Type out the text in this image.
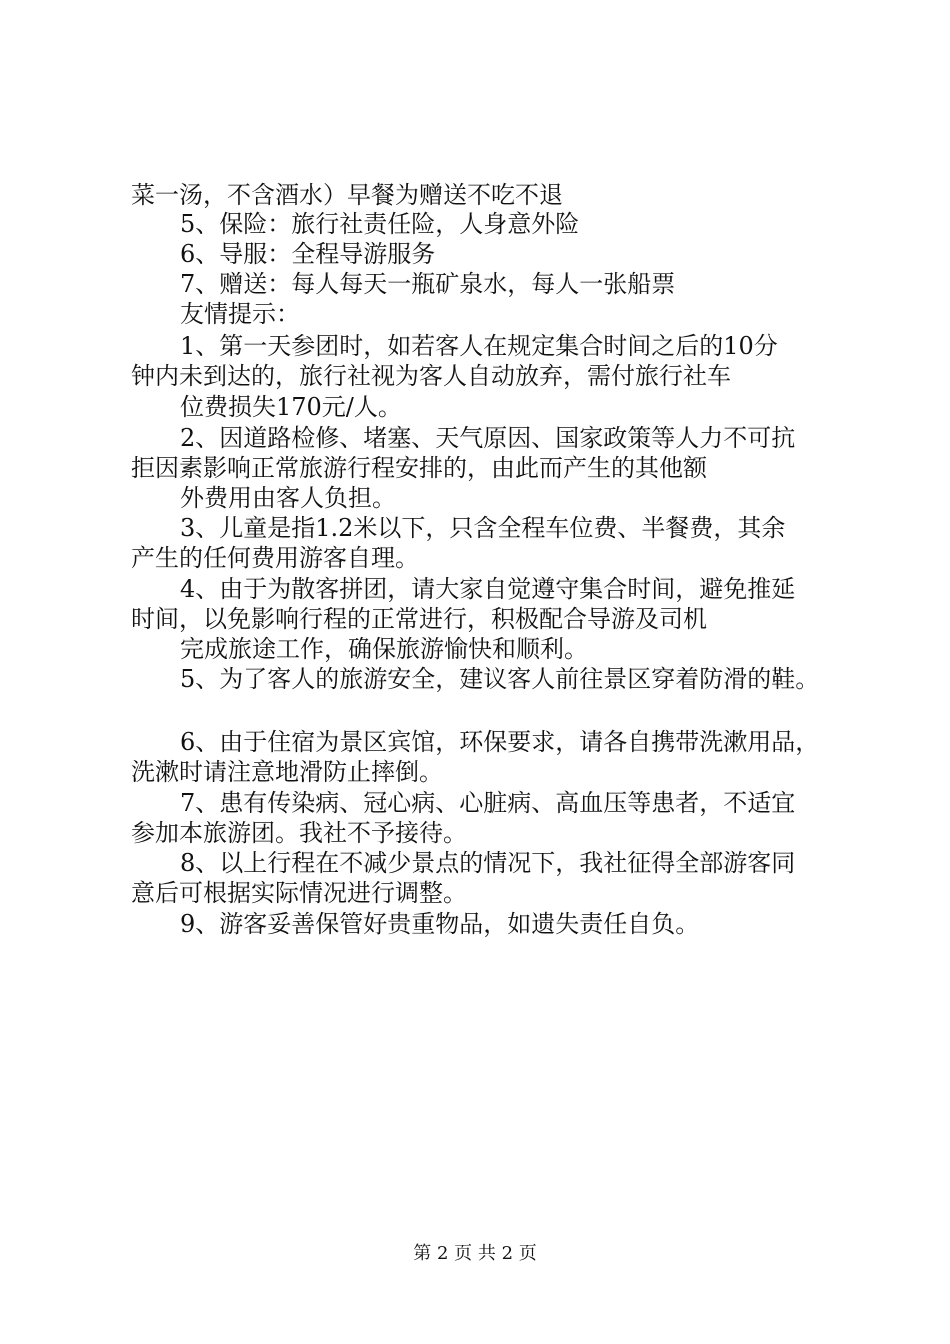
菜一汤，不含酒水）早餐为赠送不吃不退
5、保险：旅行社责任险，人身意外险
6、导服：全程导游服务
7、赠送：每人每天一瓶矿泉水，每人一张船票
友情提示：
1、第一天参团时，如若客人在规定集合时间之后的10分
钟内未到达的，旅行社视为客人自动放弃，需付旅行社车
位费损失170元/人。
2、因道路检修、堵塞、天气原因、国家政策等人力不可抗
拒因素影响正常旅游行程安排的，由此而产生的其他额
外费用由客人负担。
3、儿童是指1.2米以下，只含全程车位费、半餐费，其余
产生的任何费用游客自理。
4、由于为散客拼团，请大家自觉遵守集合时间，避免推延
时间，以免影响行程的正常进行，积极配合导游及司机
完成旅途工作，确保旅游愉快和顺利。
5、为了客人的旅游安全，建议客人前往景区穿着防滑的鞋。
6、由于住宿为景区宾馆，环保要求，请各自携带洗漱用品，
洗漱时请注意地滑防止摔倒。
7、患有传染病、冠心病、心脏病、高血压等患者，不适宜
参加本旅游团。我社不予接待。
8、以上行程在不减少景点的情况下，我社征得全部游客同
意后可根据实际情况进行调整。
9、游客妥善保管好贵重物品，如遗失责任自负。
第 2 页 共 2 页
